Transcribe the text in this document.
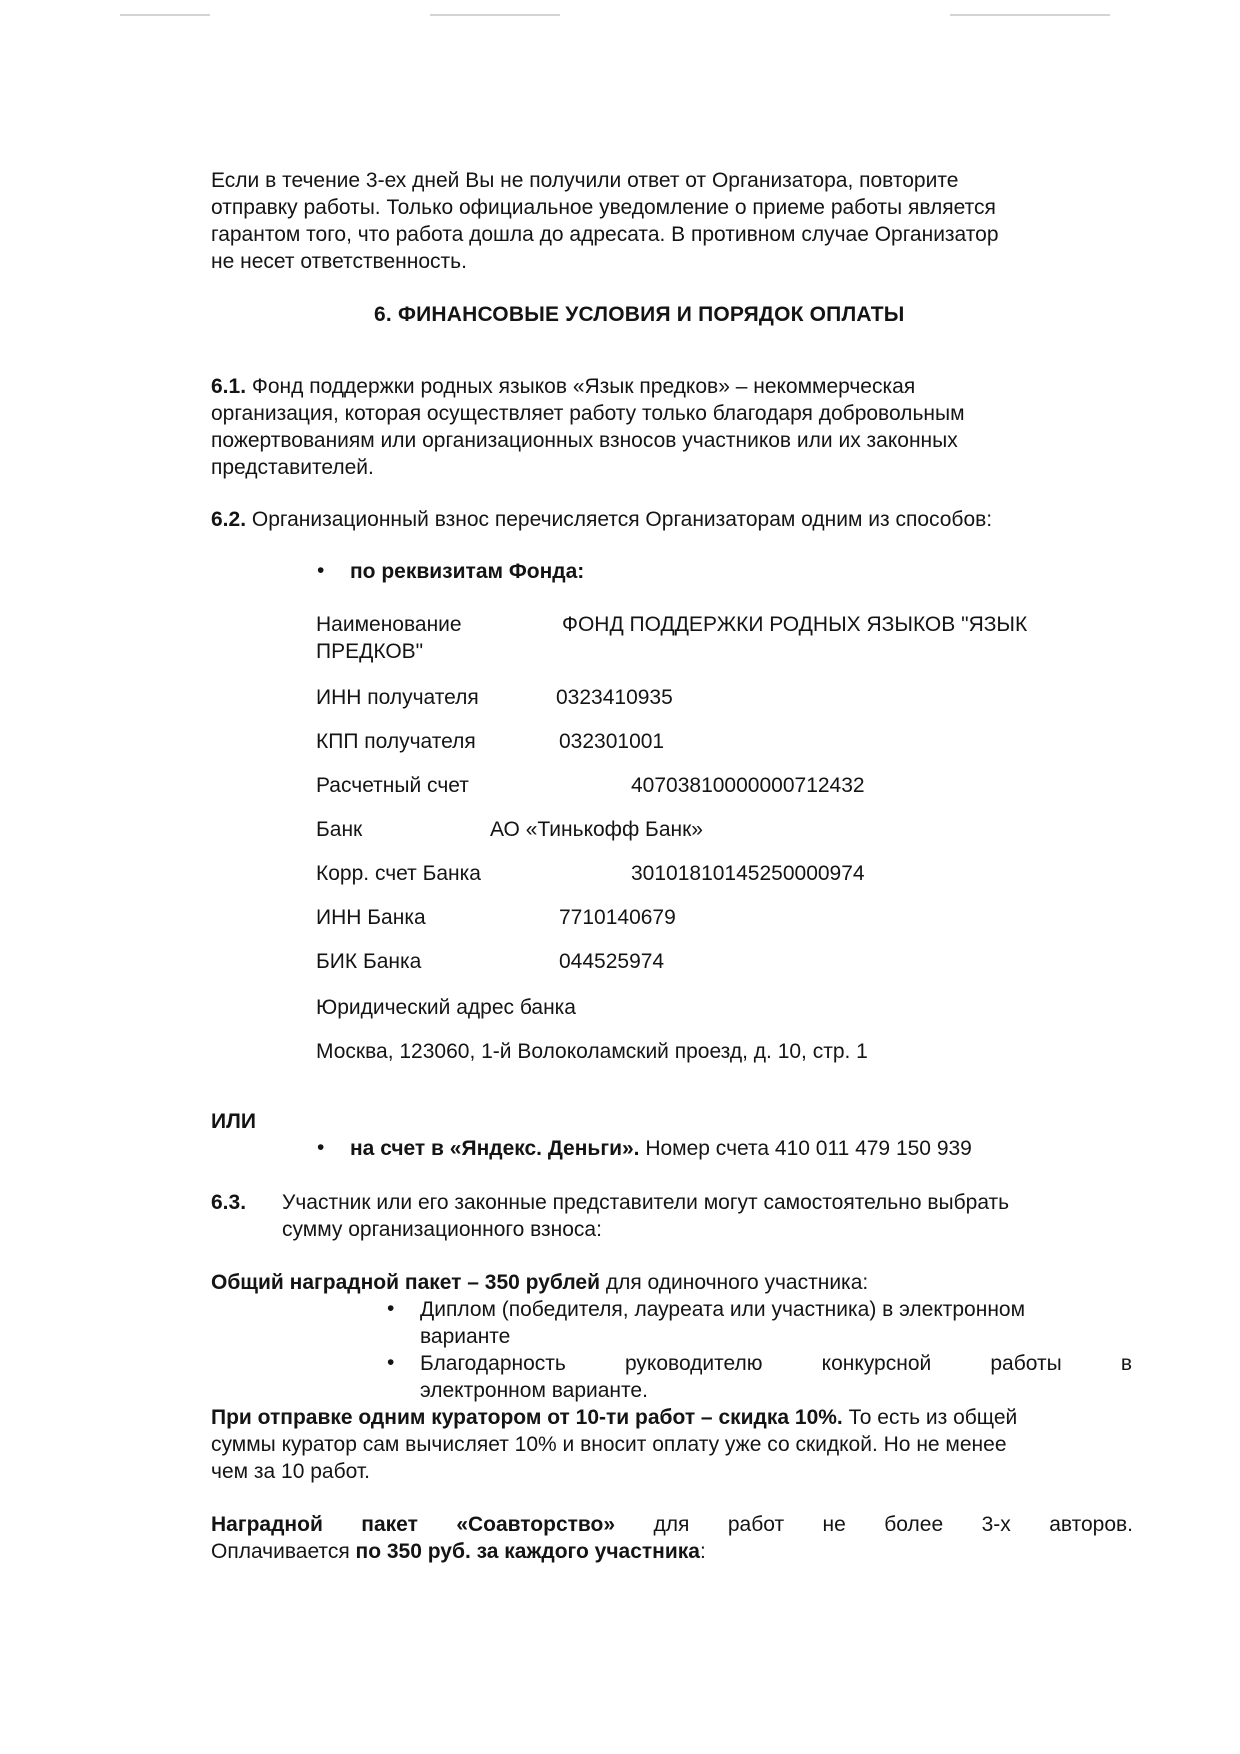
Если в течение 3-ех дней Вы не получили ответ от Организатора, повторите
отправку работы. Только официальное уведомление о приеме работы является
гарантом того, что работа дошла до адресата. В противном случае Организатор
не несет ответственность.
6. ФИНАНСОВЫЕ УСЛОВИЯ И ПОРЯДОК ОПЛАТЫ
6.1. Фонд поддержки родных языков «Язык предков» – некоммерческая
организация, которая осуществляет работу только благодаря добровольным
пожертвованиям или организационных взносов участников или их законных
представителей.
6.2. Организационный взнос перечисляется Организаторам одним из способов:
• по реквизитам Фонда:
Наименование	ФОНД ПОДДЕРЖКИ РОДНЫХ ЯЗЫКОВ "ЯЗЫК
ПРЕДКОВ"
ИНН получателя	0323410935
КПП получателя	032301001
Расчетный счет	40703810000000712432
Банк	АО «Тинькофф Банк»
Корр. счет Банка	30101810145250000974
ИНН Банка	7710140679
БИК Банка	044525974
Юридический адрес банка
Москва, 123060, 1-й Волоколамский проезд, д. 10, стр. 1
ИЛИ
• на счет в «Яндекс. Деньги». Номер счета 410 011 479 150 939
6.3. Участник или его законные представители могут самостоятельно выбрать
сумму организационного взноса:
Общий наградной пакет – 350 рублей для одиночного участника:
• Диплом (победителя, лауреата или участника) в электронном
варианте
• Благодарность руководителю конкурсной работы в
электронном варианте.
При отправке одним куратором от 10-ти работ – скидка 10%. То есть из общей
суммы куратор сам вычисляет 10% и вносит оплату уже со скидкой. Но не менее
чем за 10 работ.
Наградной пакет «Соавторство» для работ не более 3-х авторов.
Оплачивается по 350 руб. за каждого участника:
